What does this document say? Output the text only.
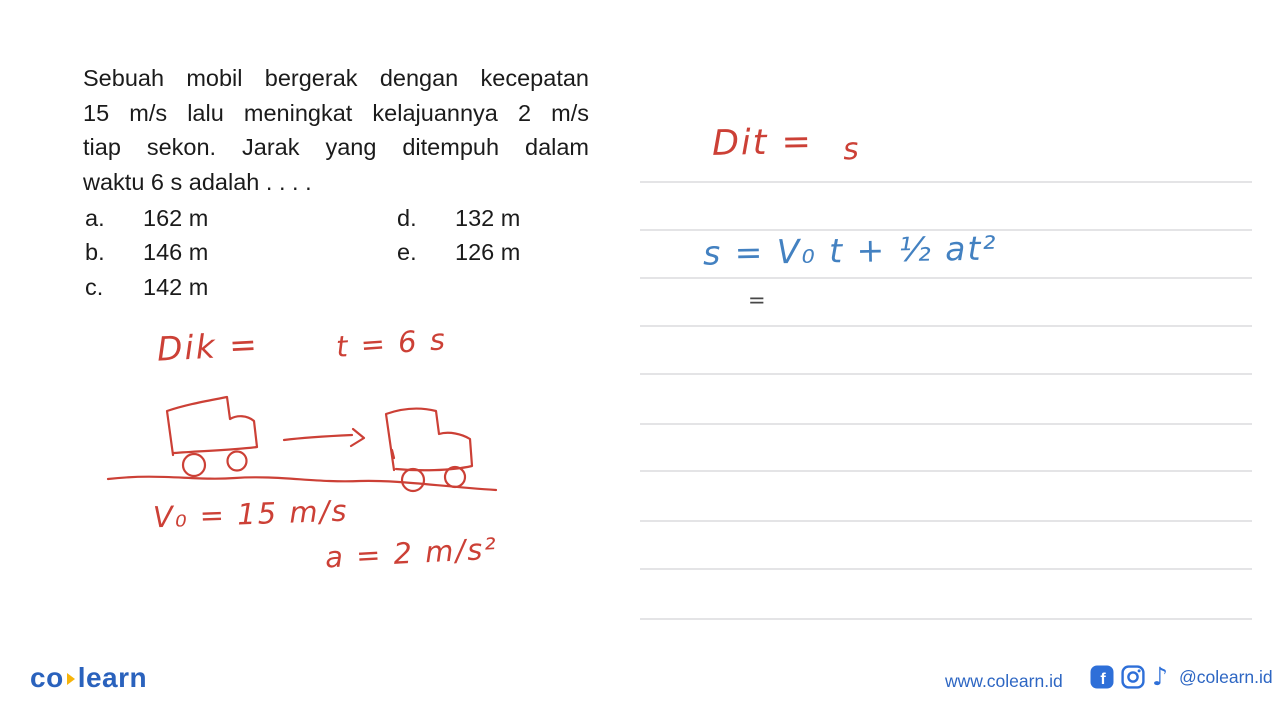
Sebuah mobil bergerak dengan kecepatan
15 m/s lalu meningkat kelajuannya 2 m/s
tiap sekon. Jarak yang ditempuh dalam
waktu 6 s adalah . . . .
a.	162 m
b.	146 m
c.	142 m
d.	132 m
e.	126 m
Dik =	t = 6 s
V₀ = 15 m/s
a = 2 m/s²
Dit = s
s = V₀ t + ½ at²
=
co learn	www.colearn.id f ♪ @colearn.id
